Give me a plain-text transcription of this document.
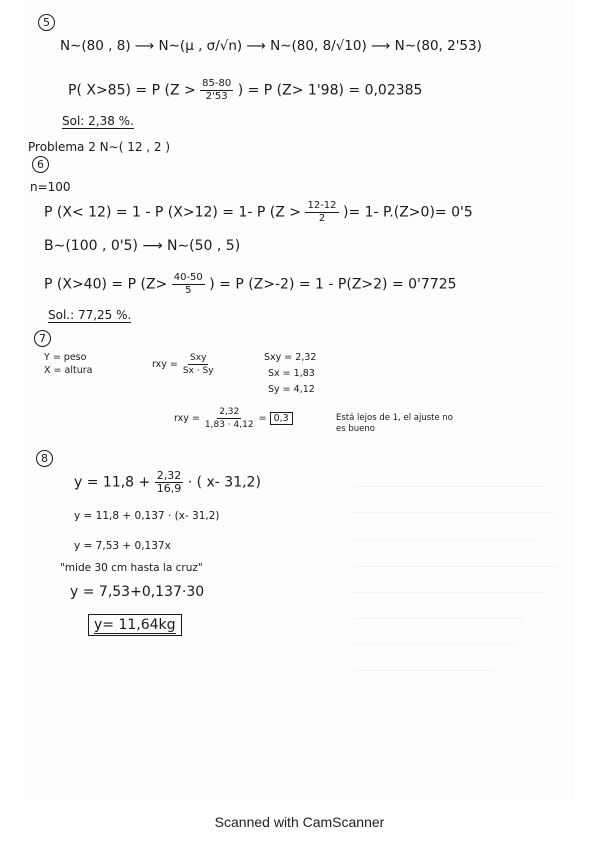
5
N∼(80 , 8) ⟶ N∼(μ , σ/√n) ⟶ N∼(80, 8/√10) ⟶ N∼(80, 2'53)
P( X>85) = P ($Z > \frac{85-80}{2'53}$ ) = P (Z> 1'98) = 0,02385
Sol: 2,38 %.
Problema 2 N∼( 12 , 2 )
6
n=100
P (X< 12) = 1 - P (X>12) = 1- P ($Z > \frac{12-12}{2}$ )= 1- P.(Z>0)= 0'5
B∼(100 , 0'5) ⟶ N∼(50 , 5)
P (X>40) = P ($Z> \frac{40-50}{5}$ ) = P (Z>-2) = 1 - P(Z>2) = 0'7725
Sol.: 77,25 %.
7
Y = peso
X = altura
rxy = $\frac{\text{Sxy}}{Sx \cdot Sy}$	Sxy = 2,32
Sx = 1,83
Sy = 4,12
rxy = $\frac{2,32}{1,83 \cdot 4,12} = 0,3$	Está lejos de 1, el ajuste no
es bueno
8
$y = 11,8 + \frac{2,32}{16,9}$ · ( x- 31,2)
y = 11,8 + 0,137 · (x- 31,2)
y = 7,53 + 0,137x
"mide 30 cm hasta la cruz"
y = 7,53+0,137·30
y= 11,64kg
Scanned with CamScanner
